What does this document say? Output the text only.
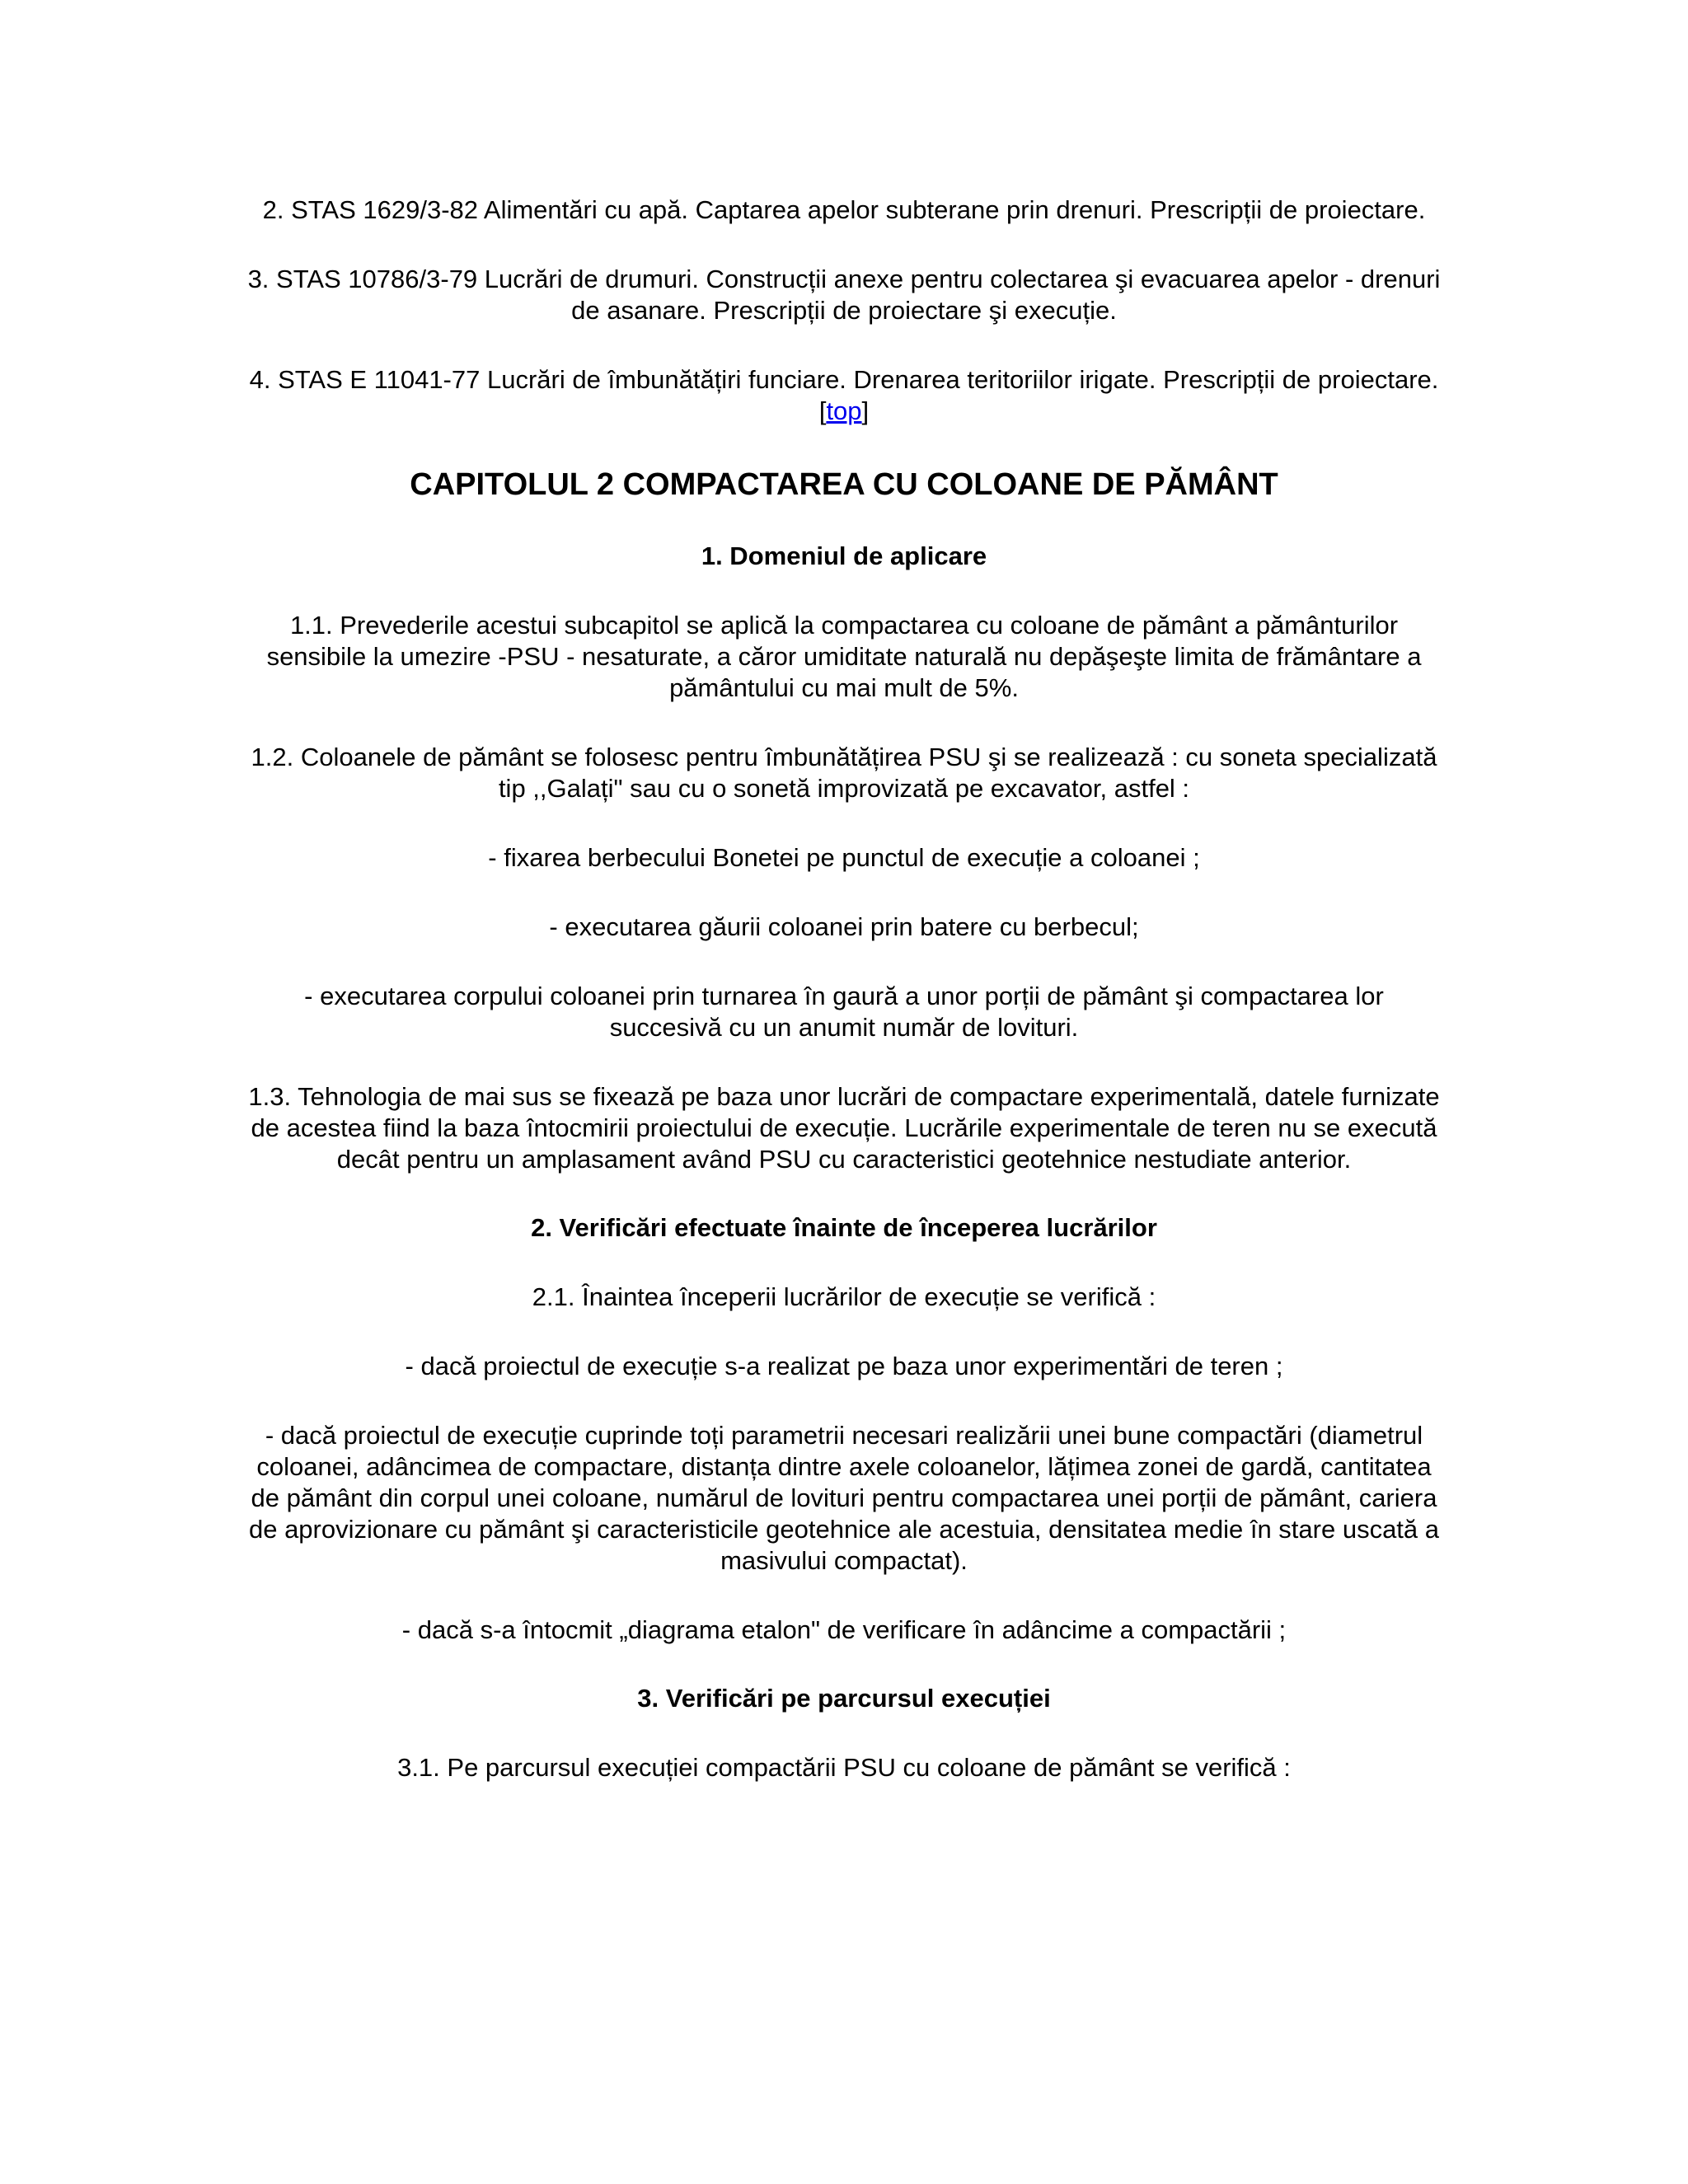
2. STAS 1629/3-82 Alimentări cu apă. Captarea apelor subterane prin drenuri. Prescripții de proiectare.

3. STAS 10786/3-79 Lucrări de drumuri. Construcții anexe pentru colectarea şi evacuarea apelor - drenuri de asanare. Prescripții de proiectare şi execuție.

4. STAS E 11041-77 Lucrări de îmbunătățiri funciare. Drenarea teritoriilor irigate. Prescripții de proiectare.

[top]

CAPITOLUL 2 COMPACTAREA CU COLOANE DE PĂMÂNT
1. Domeniul de aplicare

1.1. Prevederile acestui subcapitol se aplică la compactarea cu coloane de pământ a pământurilor sensibile la umezire -PSU - nesaturate, a căror umiditate naturală nu depăşeşte limita de frământare a pământului cu mai mult de 5%.

1.2. Coloanele de pământ se folosesc pentru îmbunătățirea PSU şi se realizează : cu soneta specializată tip ,,Galați" sau cu o sonetă improvizată pe excavator, astfel :

- fixarea berbecului Bonetei pe punctul de execuție a coloanei ;

- executarea găurii coloanei prin batere cu berbecul;

- executarea corpului coloanei prin turnarea în gaură a unor porții de pământ şi compactarea lor succesivă cu un anumit număr de lovituri.

1.3. Tehnologia de mai sus se fixează pe baza unor lucrări de compactare experimentală, datele furnizate de acestea fiind la baza întocmirii proiectului de execuție. Lucrările experimentale de teren nu se execută decât pentru un amplasament având PSU cu caracteristici geotehnice nestudiate anterior.

2. Verificări efectuate înainte de începerea lucrărilor

2.1. Înaintea începerii lucrărilor de execuție se verifică :

- dacă proiectul de execuție s-a realizat pe baza unor experimentări de teren ;

- dacă proiectul de execuție cuprinde toți parametrii necesari realizării unei bune compactări (diametrul coloanei, adâncimea de compactare, distanța dintre axele coloanelor, lățimea zonei de gardă, cantitatea de pământ din corpul unei coloane, numărul de lovituri pentru compactarea unei porții de pământ, cariera de aprovizionare cu pământ şi caracteristicile geotehnice ale acestuia, densitatea medie în stare uscată a masivului compactat).

- dacă s-a întocmit „diagrama etalon" de verificare în adâncime a compactării ;

3. Verificări pe parcursul execuției

3.1. Pe parcursul execuției compactării PSU cu coloane de pământ se verifică :
